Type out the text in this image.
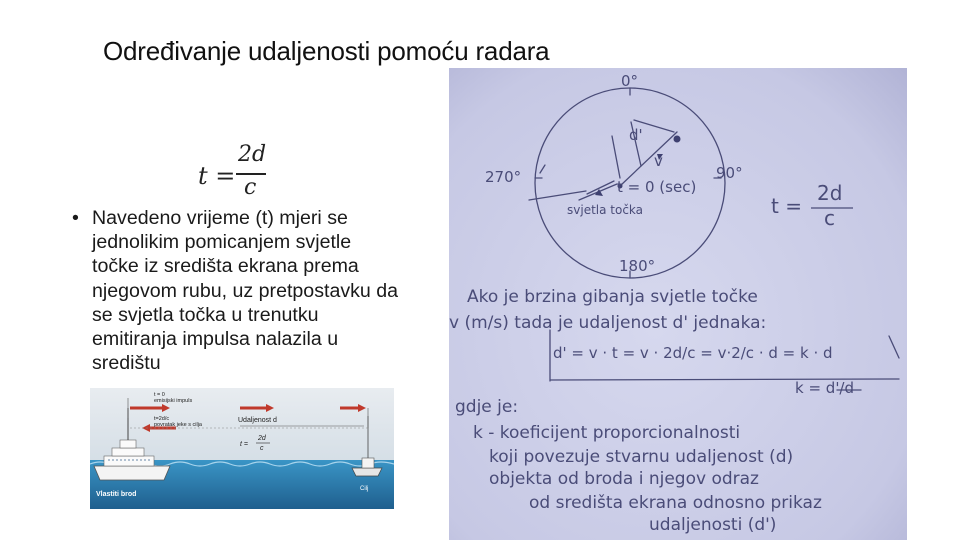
Određivanje udaljenosti pomoću radara
t =
2d
c
• Navedeno vrijeme (t) mjeri se jednolikim pomicanjem svjetle točke iz središta ekrana prema njegovom rubu, uz pretpostavku da se svjetla točka u trenutku emitiranja impulsa nalazila u središtu
t = 0
emisijski impuls
t=2d/c
povratak jeke s cilja
Udaljenost d
t =
2d
c
Vlastiti brod
Cilj
0°
270°	90°
180°
d'
v
t = 0 (sec)
t =
2d
c
svjetla točka
Ako je brzina gibanja svjetle točke
v (m/s) tada je udaljenost d' jednaka:
d' = v · t = v · 2d/c = v·2/c · d = k · d
k = d'/d
gdje je:
k - koeficijent proporcionalnosti
koji povezuje stvarnu udaljenost (d)
objekta od broda i njegov odraz
od središta ekrana odnosno prikaz
udaljenosti (d')
